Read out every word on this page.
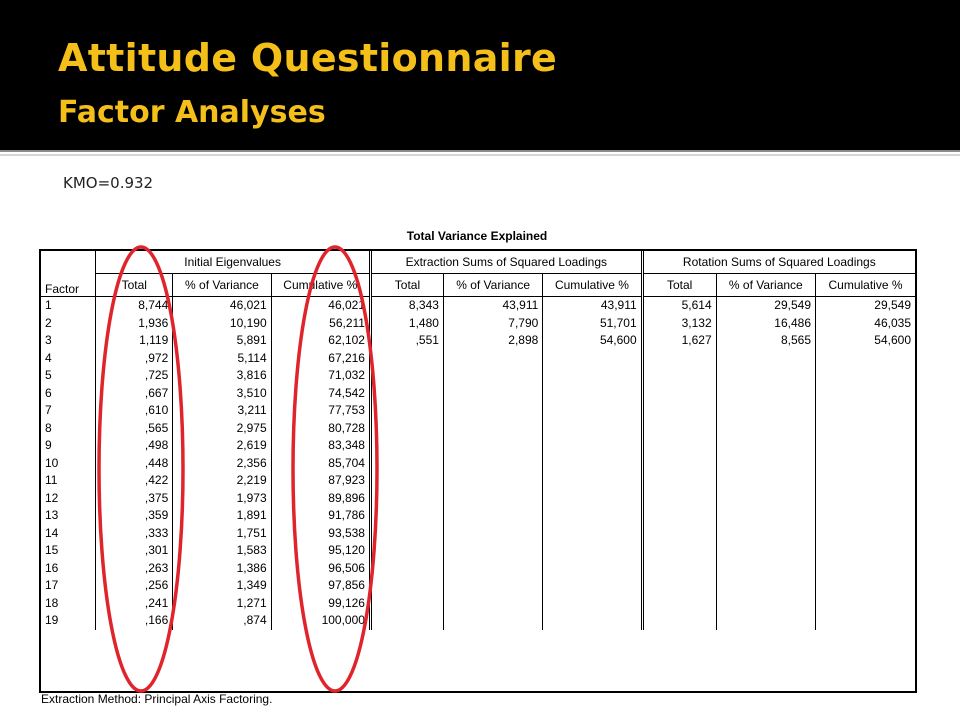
Attitude Questionnaire
Factor Analyses
KMO=0.932
Total Variance Explained
Factor	Initial Eigenvalues			Extraction Sums of Squared Loadings			Rotation Sums of Squared Loadings		
	Total	% of Variance	Cumulative %	Total	% of Variance	Cumulative %	Total	% of Variance	Cumulative %
1	8,744	46,021	46,021	8,343	43,911	43,911	5,614	29,549	29,549
2	1,936	10,190	56,211	1,480	7,790	51,701	3,132	16,486	46,035
3	1,119	5,891	62,102	,551	2,898	54,600	1,627	8,565	54,600
4	,972	5,114	67,216						
5	,725	3,816	71,032						
6	,667	3,510	74,542						
7	,610	3,211	77,753						
8	,565	2,975	80,728						
9	,498	2,619	83,348						
10	,448	2,356	85,704						
11	,422	2,219	87,923						
12	,375	1,973	89,896						
13	,359	1,891	91,786						
14	,333	1,751	93,538						
15	,301	1,583	95,120						
16	,263	1,386	96,506						
17	,256	1,349	97,856						
18	,241	1,271	99,126						
19	,166	,874	100,000						
Extraction Method: Principal Axis Factoring.
